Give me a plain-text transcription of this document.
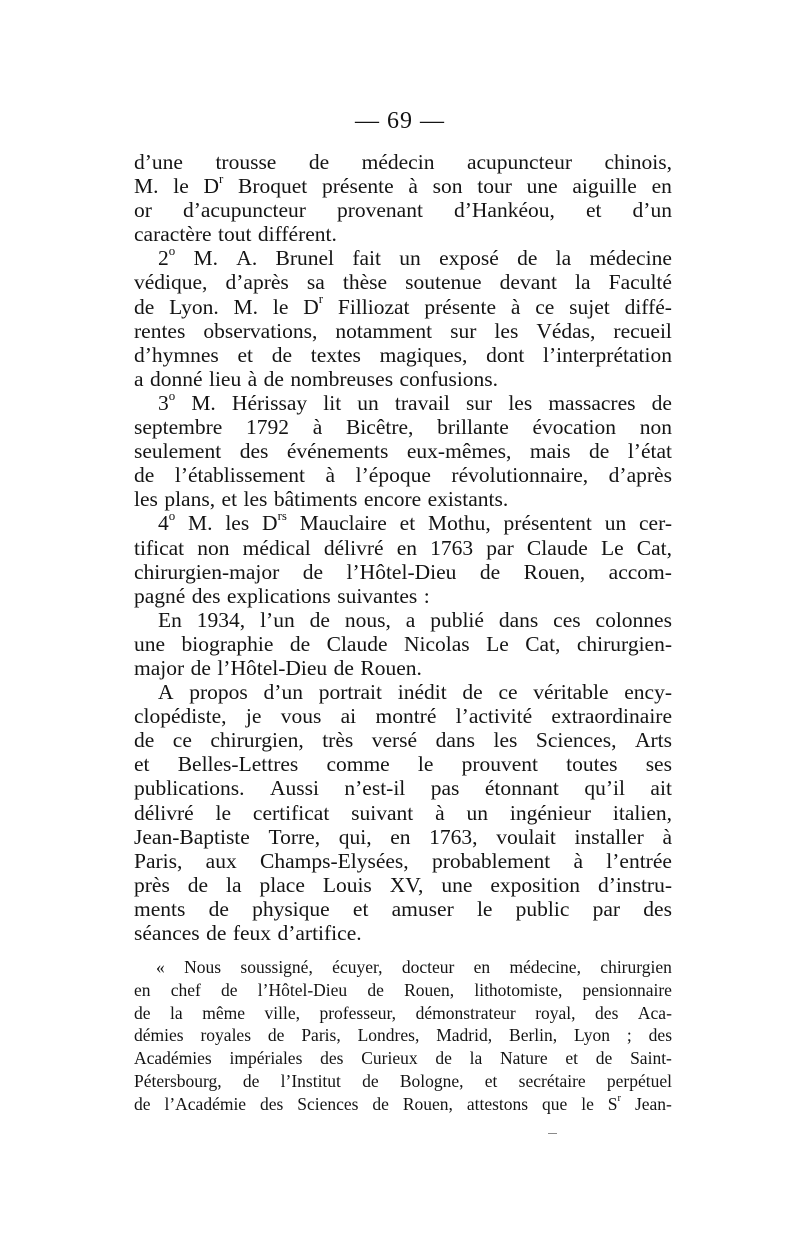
— 69 —
d’une trousse de médecin acupuncteur chinois,
M. le $D^r$ Broquet présente à son tour une aiguille en
or d’acupuncteur provenant d’Hankéou, et d’un
caractère tout différent.
2$^o$ M. A. Brunel fait un exposé de la médecine
védique, d’après sa thèse soutenue devant la Faculté
de Lyon. M. le $D^r$ Filliozat présente à ce sujet diffé-
rentes observations, notamment sur les Védas, recueil
d’hymnes et de textes magiques, dont l’interprétation
a donné lieu à de nombreuses confusions.
3$^o$ M. Hérissay lit un travail sur les massacres de
septembre 1792 à Bicêtre, brillante évocation non
seulement des événements eux-mêmes, mais de l’état
de l’établissement à l’époque révolutionnaire, d’après
les plans, et les bâtiments encore existants.
4$^o$ M. les $D^{rs}$ Mauclaire et Mothu, présentent un cer-
tificat non médical délivré en 1763 par Claude Le Cat,
chirurgien-major de l’Hôtel-Dieu de Rouen, accom-
pagné des explications suivantes :
En 1934, l’un de nous, a publié dans ces colonnes
une biographie de Claude Nicolas Le Cat, chirurgien-
major de l’Hôtel-Dieu de Rouen.
A propos d’un portrait inédit de ce véritable ency-
clopédiste, je vous ai montré l’activité extraordinaire
de ce chirurgien, très versé dans les Sciences, Arts
et Belles-Lettres comme le prouvent toutes ses
publications. Aussi n’est-il pas étonnant qu’il ait
délivré le certificat suivant à un ingénieur italien,
Jean-Baptiste Torre, qui, en 1763, voulait installer à
Paris, aux Champs-Elysées, probablement à l’entrée
près de la place Louis XV, une exposition d’instru-
ments de physique et amuser le public par des
séances de feux d’artifice.
« Nous soussigné, écuyer, docteur en médecine, chirurgien
en chef de l’Hôtel-Dieu de Rouen, lithotomiste, pensionnaire
de la même ville, professeur, démonstrateur royal, des Aca-
démies royales de Paris, Londres, Madrid, Berlin, Lyon ; des
Académies impériales des Curieux de la Nature et de Saint-
Pétersbourg, de l’Institut de Bologne, et secrétaire perpétuel
de l’Académie des Sciences de Rouen, attestons que le $S^r$ Jean-
